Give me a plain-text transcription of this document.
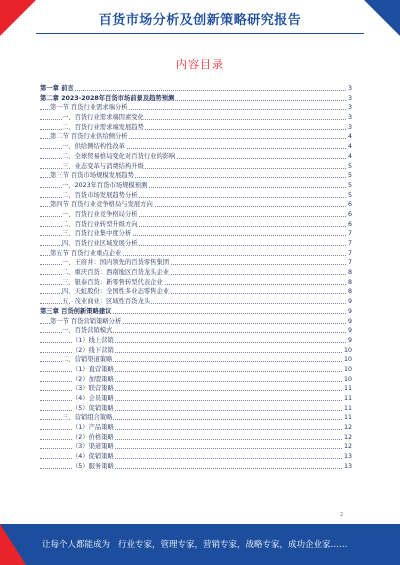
百货市场分析及创新策略研究报告
内容目录
第一章 前言	3
第二章 2023-2028年百货市场前景及趋势预测	3
第一节 百货行业需求端分析	3
一、百货行业需求端因素变化	3
二、百货行业需求端发展趋势	3
第二节 百货行业供给侧分析	4
一、供给侧结构性改革	4
二、全球贸易格局变化对百货行业的影响	4
三、业态变革与消费结构升级	5
第三节 百货市场规模发展趋势	5
一、2023年百货市场规模预测	5
二、百货市场发展趋势分析	5
第四节 百货行业竞争格局与发展方向	6
一、百货行业竞争格局分析	6
二、百货行业转型升级方向	6
三、百货行业集中度分析	7
四、百货行业区域发展分析	7
第五节 百货行业重点企业	7
一、王府井：国内领先的百货零售集团	7
二、重庆百货：西南地区百货龙头企业	8
三、银泰百货：新零售转型代表企业	8
四、天虹股份：全国性多业态零售企业	8
五、茂业商业：区域性百货龙头	9
第三章 百货创新策略建议	9
第一节 百货营销策略分析	9
一、百货营销模式	9
（1）线上营销	9
（2）线下营销	10
二、营销渠道策略	10
（1）直营策略	10
（2）加盟策略	10
（3）联营策略	11
（4）会员策略	11
（5）促销策略	11
三、营销组合策略	11
（1）产品策略	12
（2）价格策略	12
（3）渠道策略	12
（4）促销策略	13
（5）服务策略	13
2
让每个人都能成为 行业专家，管理专家，营销专家，战略专家，成功企业家……
